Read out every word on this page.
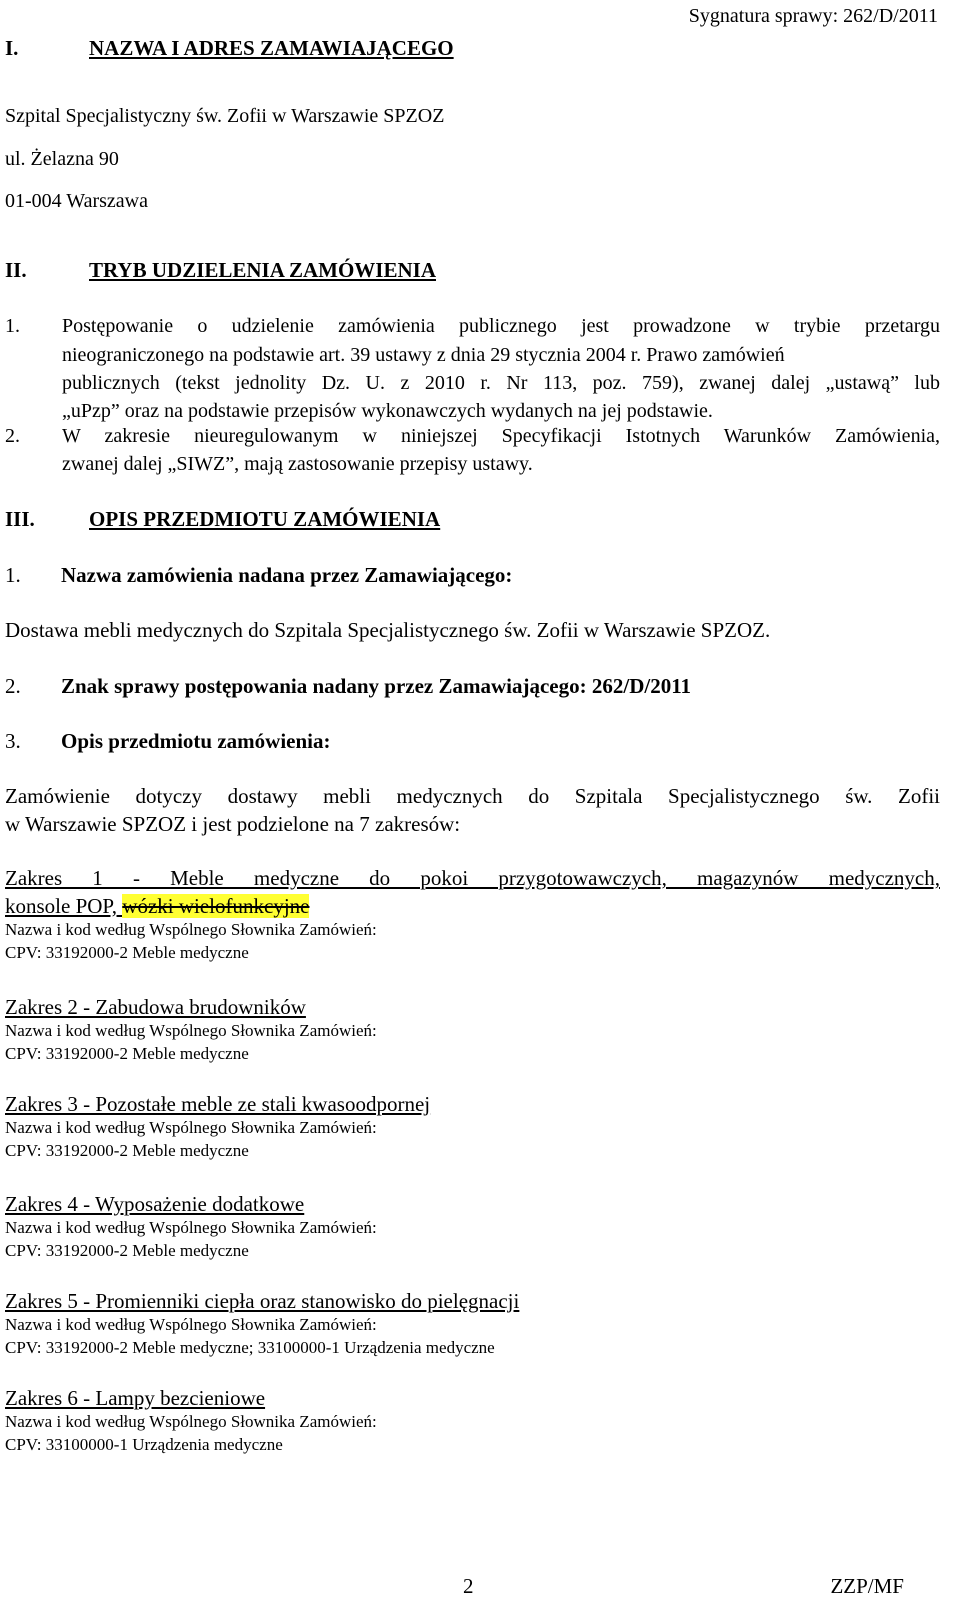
Sygnatura sprawy: 262/D/2011
I.	NAZWA I ADRES ZAMAWIAJĄCEGO
Szpital Specjalistyczny św. Zofii w Warszawie SPZOZ
ul. Żelazna 90
01-004 Warszawa
II.	TRYB UDZIELENIA ZAMÓWIENIA
1. Postępowanie o udzielenie zamówienia publicznego jest prowadzone w trybie przetargu
nieograniczonego na podstawie art. 39 ustawy z dnia 29 stycznia 2004 r. Prawo zamówień
publicznych (tekst jednolity Dz. U. z 2010 r. Nr 113, poz. 759), zwanej dalej „ustawą” lub
„uPzp” oraz na podstawie przepisów wykonawczych wydanych na jej podstawie.
2. W zakresie nieuregulowanym w niniejszej Specyfikacji Istotnych Warunków Zamówienia,
zwanej dalej „SIWZ”, mają zastosowanie przepisy ustawy.
III.	OPIS PRZEDMIOTU ZAMÓWIENIA
1. Nazwa zamówienia nadana przez Zamawiającego:
Dostawa mebli medycznych do Szpitala Specjalistycznego św. Zofii w Warszawie SPZOZ.
2. Znak sprawy postępowania nadany przez Zamawiającego: 262/D/2011
3. Opis przedmiotu zamówienia:
Zamówienie dotyczy dostawy mebli medycznych do Szpitala Specjalistycznego św. Zofii
w Warszawie SPZOZ i jest podzielone na 7 zakresów:
Zakres 1 - Meble medyczne do pokoi przygotowawczych, magazynów medycznych,
konsole POP, wózki wielofunkcyjne
Nazwa i kod według Wspólnego Słownika Zamówień:
CPV: 33192000-2 Meble medyczne
Zakres 2 - Zabudowa brudowników
Nazwa i kod według Wspólnego Słownika Zamówień:
CPV: 33192000-2 Meble medyczne
Zakres 3 - Pozostałe meble ze stali kwasoodpornej
Nazwa i kod według Wspólnego Słownika Zamówień:
CPV: 33192000-2 Meble medyczne
Zakres 4 - Wyposażenie dodatkowe
Nazwa i kod według Wspólnego Słownika Zamówień:
CPV: 33192000-2 Meble medyczne
Zakres 5 - Promienniki ciepła oraz stanowisko do pielęgnacji
Nazwa i kod według Wspólnego Słownika Zamówień:
CPV: 33192000-2 Meble medyczne; 33100000-1 Urządzenia medyczne
Zakres 6 - Lampy bezcieniowe
Nazwa i kod według Wspólnego Słownika Zamówień:
CPV: 33100000-1 Urządzenia medyczne
2	ZZP/MF
